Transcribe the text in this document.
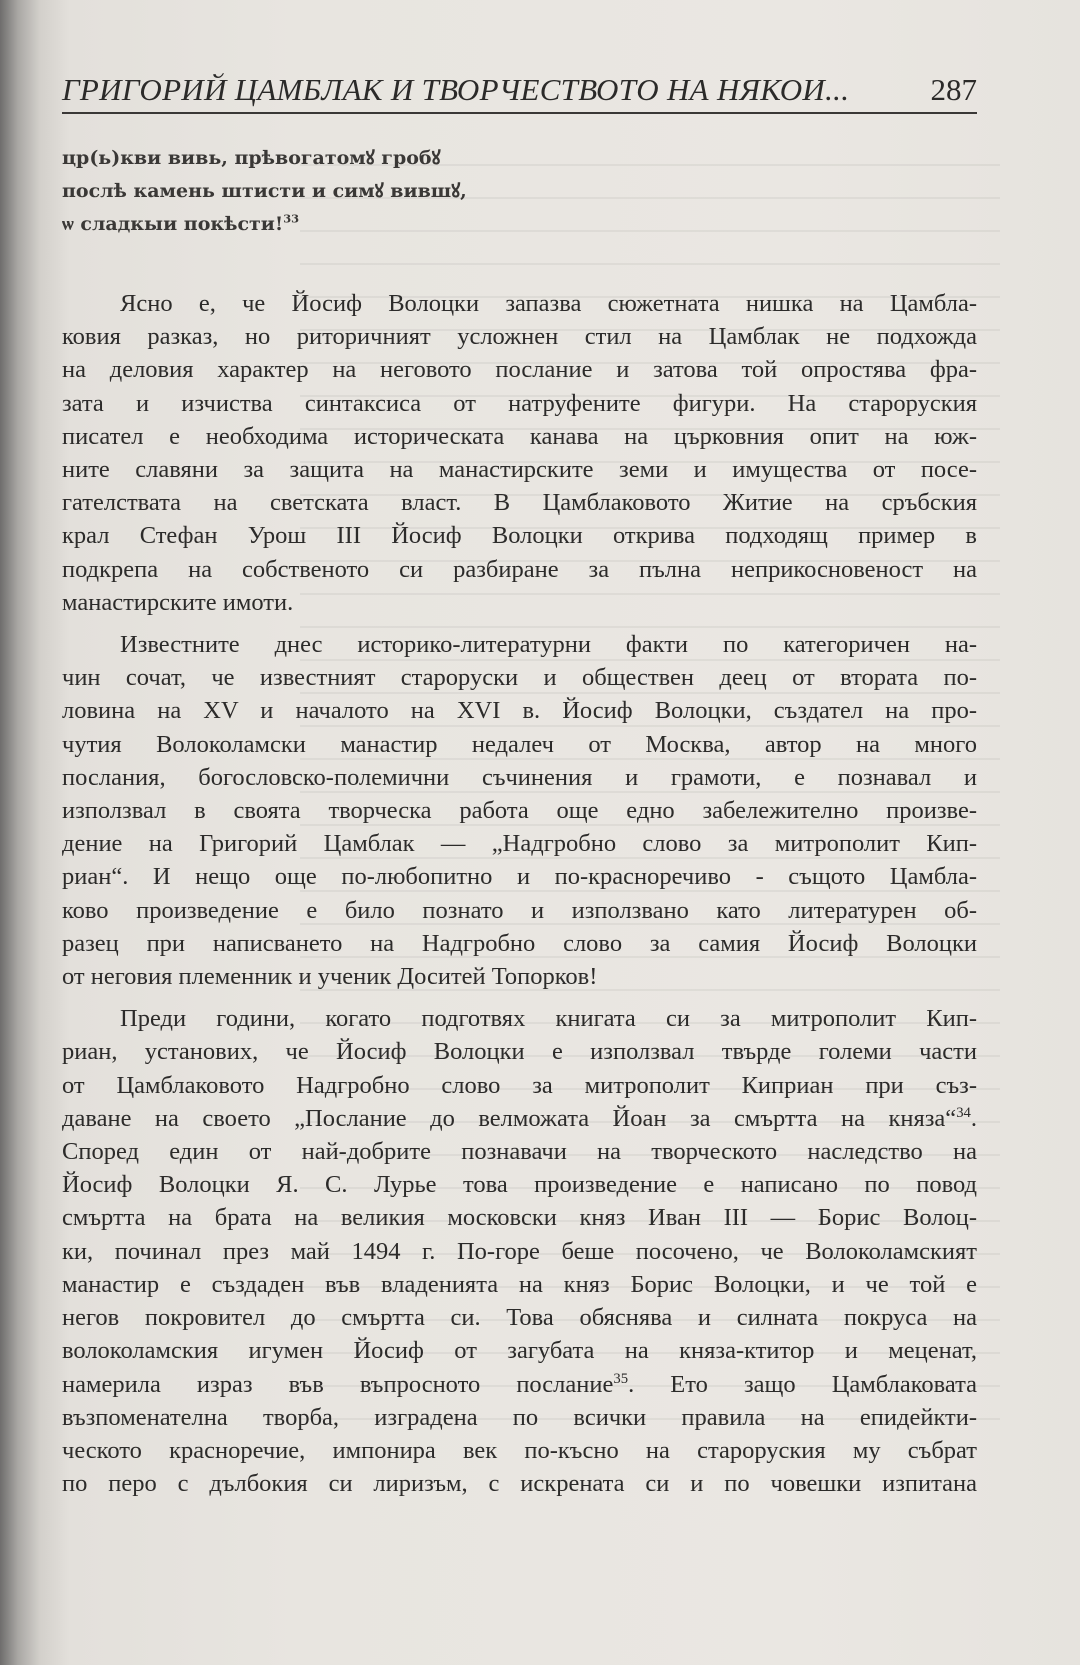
ГРИГОРИЙ ЦАМБЛАК И ТВОРЧЕСТВОТО НА НЯКОИ...	287
цр(ь)кви вивь, прѣвогатомꙋ гробꙋ
послѣ камень штисти и симꙋ вившꙋ,
ѡ сладкыи покѣсти!$^{33}$
Ясно е, че Йосиф Волоцки запазва сюжетната нишка на Цамбла-
ковия разказ, но риторичният усложнен стил на Цамблак не подхожда
на деловия характер на неговото послание и затова той опростява фра-
зата и изчиства синтаксиса от натруфените фигури. На староруския
писател е необходима историческата канава на църковния опит на юж-
ните славяни за защита на манастирските земи и имущества от посе-
гателствата на светската власт. В Цамблаковото Житие на сръбския
крал Стефан Урош III Йосиф Волоцки открива подходящ пример в
подкрепа на собственото си разбиране за пълна неприкосновеност на
манастирските имоти.
Известните днес историко-литературни факти по категоричен на-
чин сочат, че известният староруски и обществен деец от втората по-
ловина на XV и началото на XVI в. Йосиф Волоцки, създател на про-
чутия Волоколамски манастир недалеч от Москва, автор на много
послания, богословско-полемични съчинения и грамоти, е познавал и
използвал в своята творческа работа още едно забележително произве-
дение на Григорий Цамблак — „Надгробно слово за митрополит Кип-
риан“. И нещо още по-любопитно и по-красноречиво - същото Цамбла-
ково произведение е било познато и използвано като литературен об-
разец при написването на Надгробно слово за самия Йосиф Волоцки
от неговия племенник и ученик Доситей Топорков!
Преди години, когато подготвях книгата си за митрополит Кип-
риан, установих, че Йосиф Волоцки е използвал твърде големи части
от Цамблаковото Надгробно слово за митрополит Киприан при съз-
даване на своето „Послание до велможата Йоан за смъртта на княза“$^{34}$.
Според един от най-добрите познавачи на творческото наследство на
Йосиф Волоцки Я. С. Лурье това произведение е написано по повод
смъртта на брата на великия московски княз Иван III — Борис Волоц-
ки, починал през май 1494 г. По-горе беше посочено, че Волоколамският
манастир е създаден във владенията на княз Борис Волоцки, и че той е
негов покровител до смъртта си. Това обяснява и силната покруса на
волоколамския игумен Йосиф от загубата на княза-ктитор и меценат,
намерила израз във въпросното послание$^{35}$. Ето защо Цамблаковата
възпоменателна творба, изградена по всички правила на епидейкти-
ческото красноречие, импонира век по-късно на староруския му събрат
по перо с дълбокия си лиризъм, с искрената си и по човешки изпитана
